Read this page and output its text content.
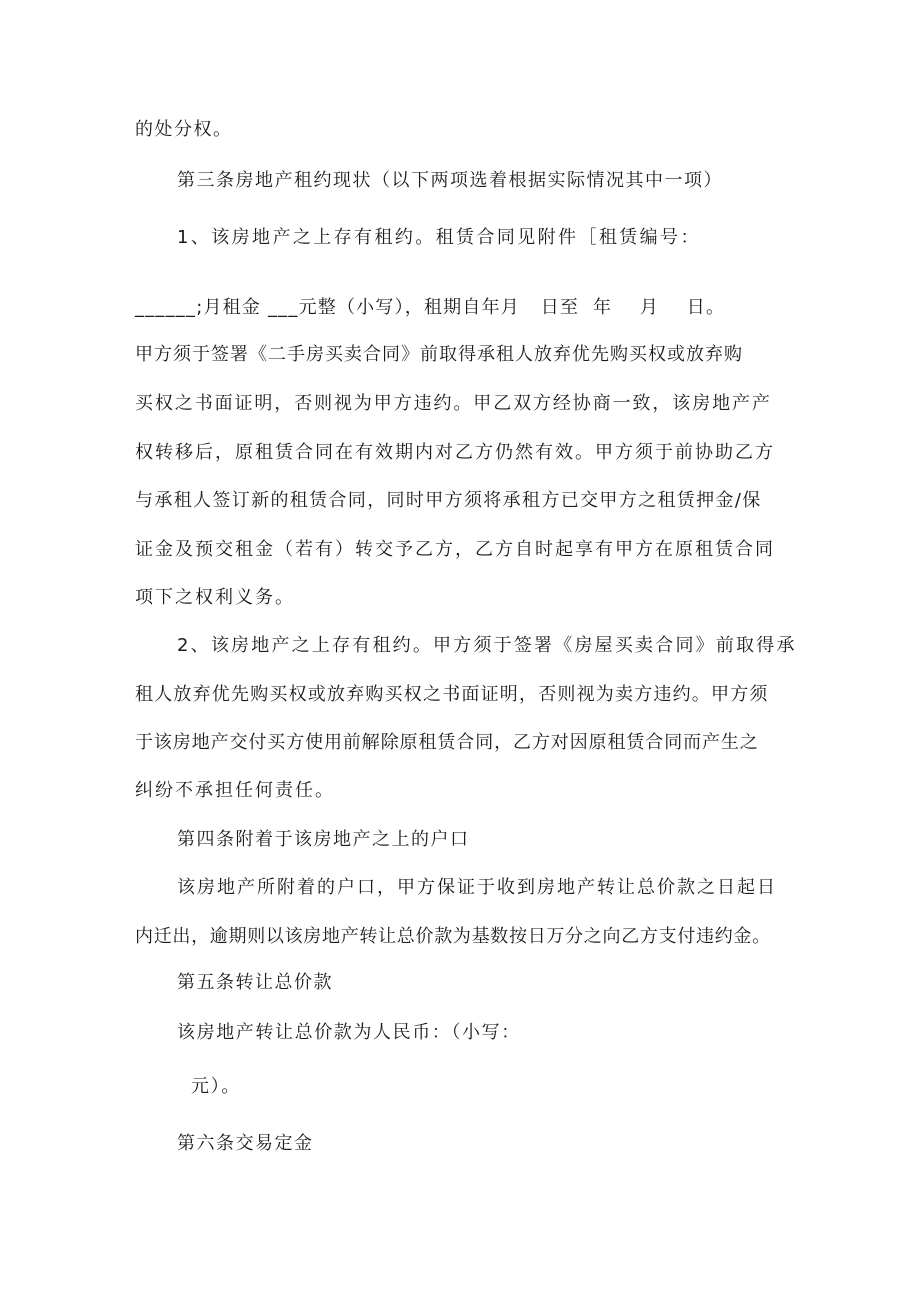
的处分权。
第三条房地产租约现状（以下两项选着根据实际情况其中一项）
1、该房地产之上存有租约。租赁合同见附件［租赁编号：
______;月租金 ___元整（小写），租期自年月   日至  年    月    日。
甲方须于签署《二手房买卖合同》前取得承租人放弃优先购买权或放弃购
买权之书面证明，否则视为甲方违约。甲乙双方经协商一致，该房地产产
权转移后，原租赁合同在有效期内对乙方仍然有效。甲方须于前协助乙方
与承租人签订新的租赁合同，同时甲方须将承租方已交甲方之租赁押金/保
证金及预交租金（若有）转交予乙方，乙方自时起享有甲方在原租赁合同
项下之权利义务。
2、该房地产之上存有租约。甲方须于签署《房屋买卖合同》前取得承
租人放弃优先购买权或放弃购买权之书面证明，否则视为卖方违约。甲方须
于该房地产交付买方使用前解除原租赁合同，乙方对因原租赁合同而产生之
纠纷不承担任何责任。
第四条附着于该房地产之上的户口
该房地产所附着的户口，甲方保证于收到房地产转让总价款之日起日
内迁出，逾期则以该房地产转让总价款为基数按日万分之向乙方支付违约金。
第五条转让总价款
该房地产转让总价款为人民币：（小写：
元）。
第六条交易定金
